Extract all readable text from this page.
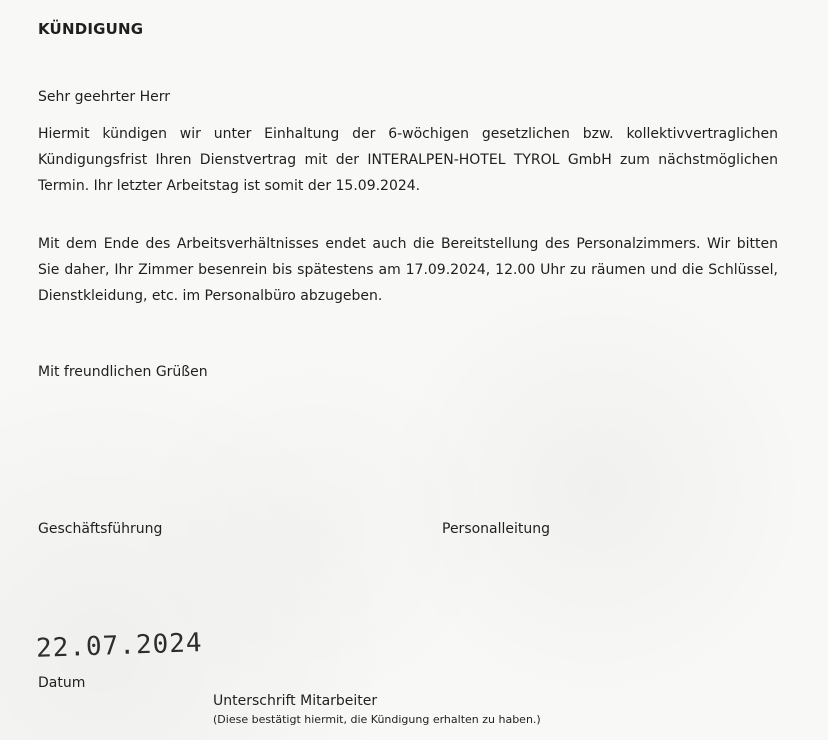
KÜNDIGUNG
Sehr geehrter Herr
Hiermit kündigen wir unter Einhaltung der 6-wöchigen gesetzlichen bzw. kollektivvertraglichen Kündigungsfrist Ihren Dienstvertrag mit der INTERALPEN-HOTEL TYROL GmbH zum nächstmöglichen Termin. Ihr letzter Arbeitstag ist somit der 15.09.2024.
Mit dem Ende des Arbeitsverhältnisses endet auch die Bereitstellung des Personalzimmers. Wir bitten Sie daher, Ihr Zimmer besenrein bis spätestens am 17.09.2024, 12.00 Uhr zu räumen und die Schlüssel, Dienstkleidung, etc. im Personalbüro abzugeben.
Mit freundlichen Grüßen
Geschäftsführung	Personalleitung
22.07.2024
Datum
Unterschrift Mitarbeiter
(Diese bestätigt hiermit, die Kündigung erhalten zu haben.)
